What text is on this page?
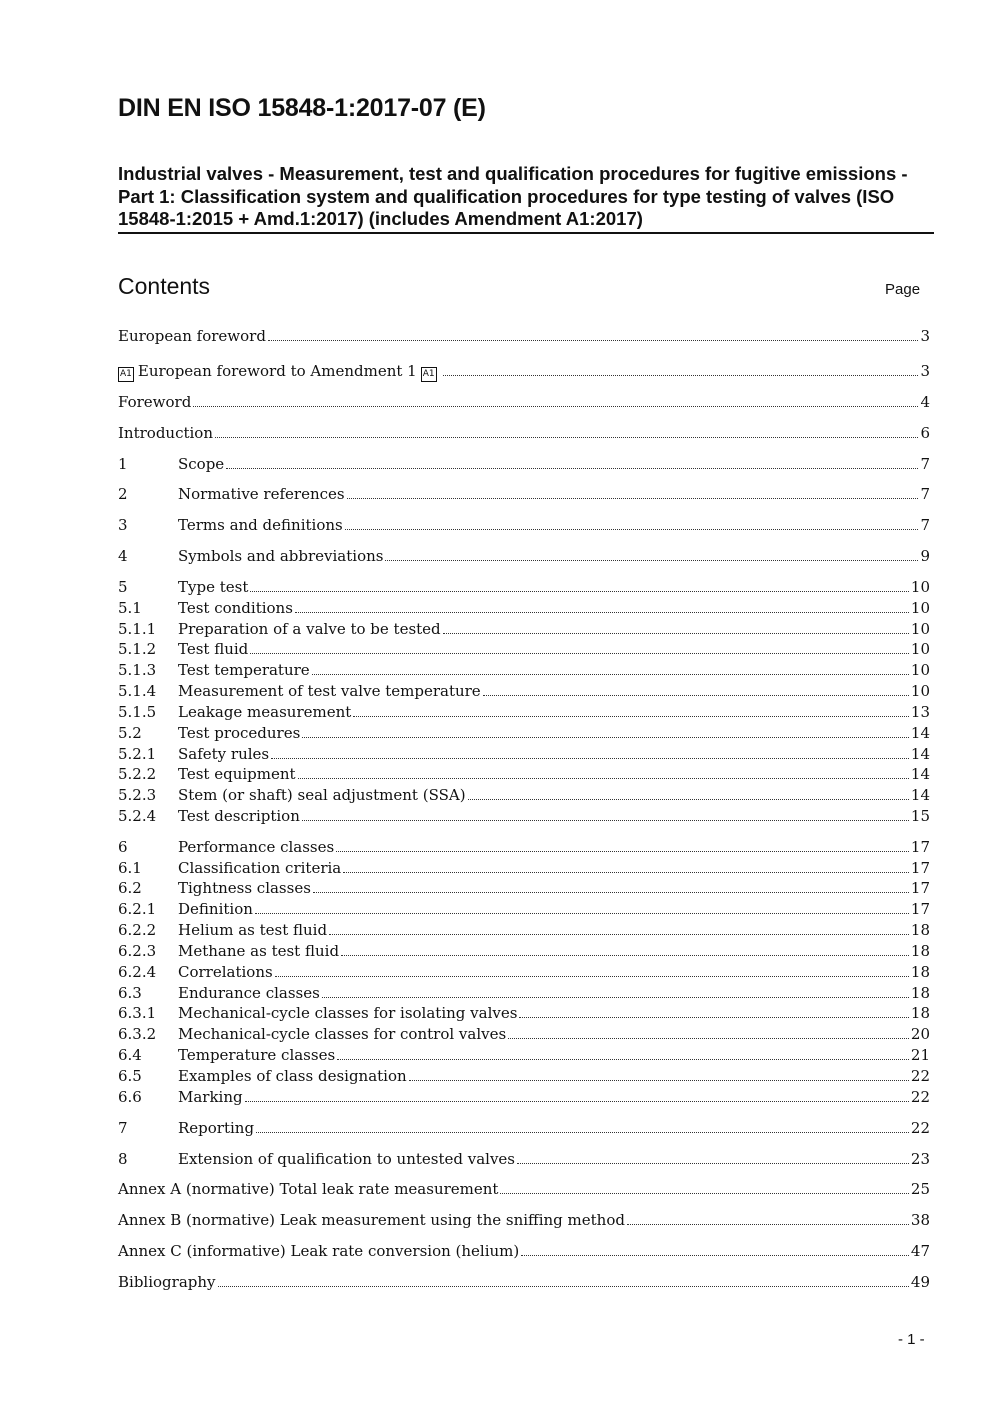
DIN EN ISO 15848-1:2017-07 (E)
Industrial valves - Measurement, test and qualification procedures for fugitive emissions - Part 1: Classification system and qualification procedures for type testing of valves (ISO 15848-1:2015 + Amd.1:2017) (includes Amendment A1:2017)
Contents	Page
European foreword	3
A1 European foreword to Amendment 1 A1	3
Foreword	4
Introduction	6
1	Scope	7
2	Normative references	7
3	Terms and definitions	7
4	Symbols and abbreviations	9
5	Type test	10
5.1	Test conditions	10
5.1.1	Preparation of a valve to be tested	10
5.1.2	Test fluid	10
5.1.3	Test temperature	10
5.1.4	Measurement of test valve temperature	10
5.1.5	Leakage measurement	13
5.2	Test procedures	14
5.2.1	Safety rules	14
5.2.2	Test equipment	14
5.2.3	Stem (or shaft) seal adjustment (SSA)	14
5.2.4	Test description	15
6	Performance classes	17
6.1	Classification criteria	17
6.2	Tightness classes	17
6.2.1	Definition	17
6.2.2	Helium as test fluid	18
6.2.3	Methane as test fluid	18
6.2.4	Correlations	18
6.3	Endurance classes	18
6.3.1	Mechanical-cycle classes for isolating valves	18
6.3.2	Mechanical-cycle classes for control valves	20
6.4	Temperature classes	21
6.5	Examples of class designation	22
6.6	Marking	22
7	Reporting	22
8	Extension of qualification to untested valves	23
Annex A (normative) Total leak rate measurement	25
Annex B (normative) Leak measurement using the sniffing method	38
Annex C (informative) Leak rate conversion (helium)	47
Bibliography	49
- 1 -
